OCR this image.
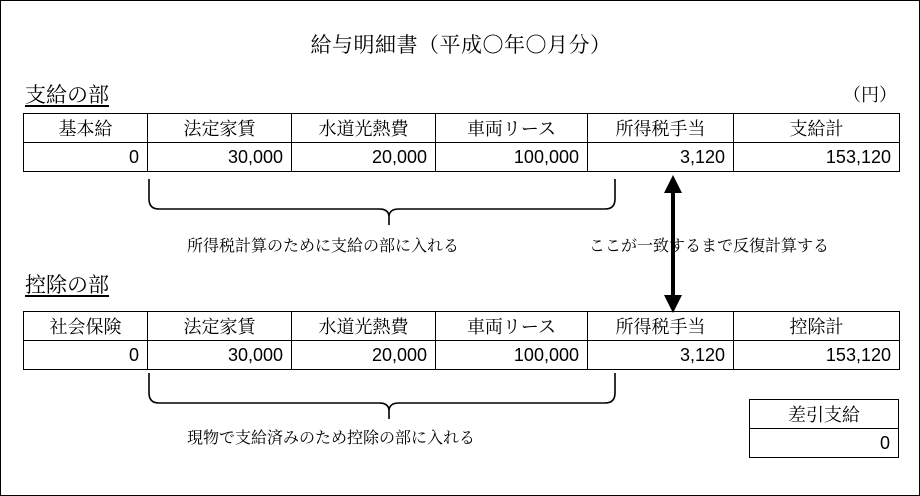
給与明細書（平成〇年〇月分）
支給の部	（円）
基本給	法定家賃	水道光熱費	車両リース	所得税手当	支給計
0	30,000	20,000	100,000	3,120	153,120
控除の部
社会保険	法定家賃	水道光熱費	車両リース	所得税手当	控除計
0	30,000	20,000	100,000	3,120	153,120
差引支給
0
所得税計算のために支給の部に入れる	ここが一致するまで反復計算する
現物で支給済みのため控除の部に入れる
